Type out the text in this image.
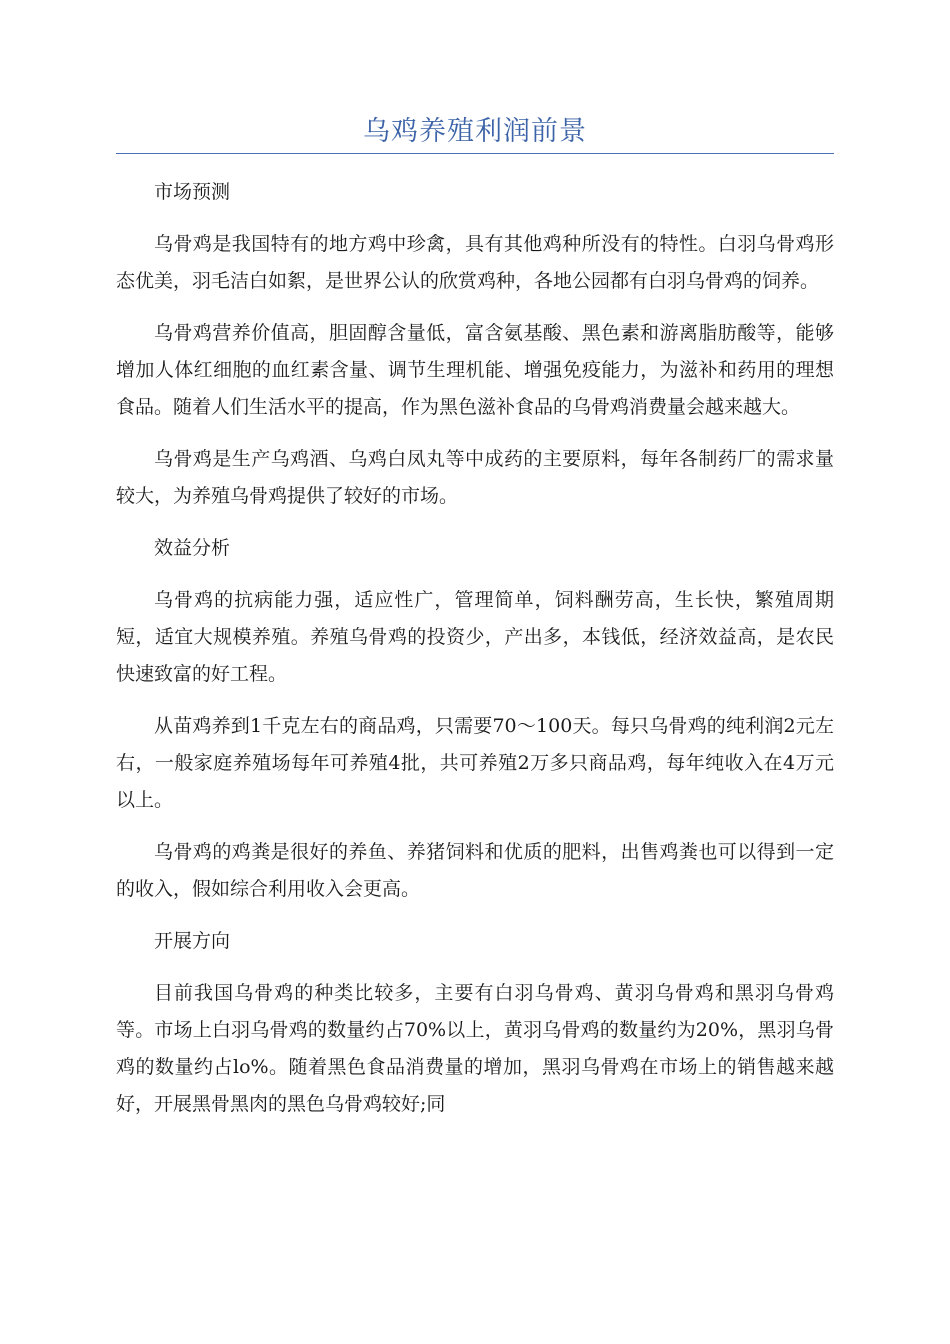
乌鸡养殖利润前景

市场预测

乌骨鸡是我国特有的地方鸡中珍禽，具有其他鸡种所没有的特性。白羽乌骨鸡形态优美，羽毛洁白如絮，是世界公认的欣赏鸡种，各地公园都有白羽乌骨鸡的饲养。

乌骨鸡营养价值高，胆固醇含量低，富含氨基酸、黑色素和游离脂肪酸等，能够增加人体红细胞的血红素含量、调节生理机能、增强免疫能力，为滋补和药用的理想食品。随着人们生活水平的提高，作为黑色滋补食品的乌骨鸡消费量会越来越大。

乌骨鸡是生产乌鸡酒、乌鸡白凤丸等中成药的主要原料，每年各制药厂的需求量较大，为养殖乌骨鸡提供了较好的市场。

效益分析

乌骨鸡的抗病能力强，适应性广，管理简单，饲料酬劳高，生长快，繁殖周期短，适宜大规模养殖。养殖乌骨鸡的投资少，产出多，本钱低，经济效益高，是农民快速致富的好工程。

从苗鸡养到1千克左右的商品鸡，只需要70～100天。每只乌骨鸡的纯利润2元左右，一般家庭养殖场每年可养殖4批，共可养殖2万多只商品鸡，每年纯收入在4万元以上。

乌骨鸡的鸡粪是很好的养鱼、养猪饲料和优质的肥料，出售鸡粪也可以得到一定的收入，假如综合利用收入会更高。

开展方向

目前我国乌骨鸡的种类比较多，主要有白羽乌骨鸡、黄羽乌骨鸡和黑羽乌骨鸡等。市场上白羽乌骨鸡的数量约占70%以上，黄羽乌骨鸡的数量约为20%，黑羽乌骨鸡的数量约占lo%。随着黑色食品消费量的增加，黑羽乌骨鸡在市场上的销售越来越好，开展黑骨黑肉的黑色乌骨鸡较好;同
